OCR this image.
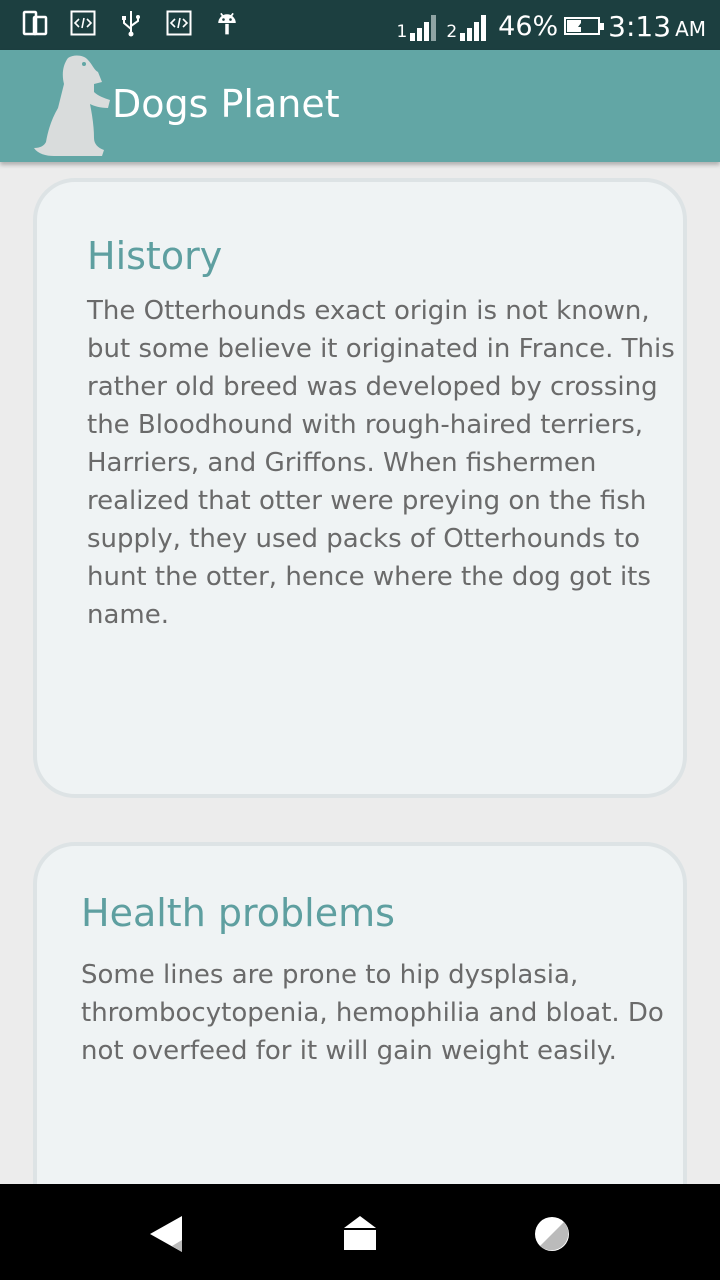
1 2 46% 3:13 AM
Dogs Planet
History

The Otterhounds exact origin is not known, but some believe it originated in France. This rather old breed was developed by crossing the Bloodhound with rough-haired terriers, Harriers, and Griffons. When fishermen realized that otter were preying on the fish supply, they used packs of Otterhounds to hunt the otter, hence where the dog got its name.

Health problems

Some lines are prone to hip dysplasia, thrombocytopenia, hemophilia and bloat. Do not overfeed for it will gain weight easily.
